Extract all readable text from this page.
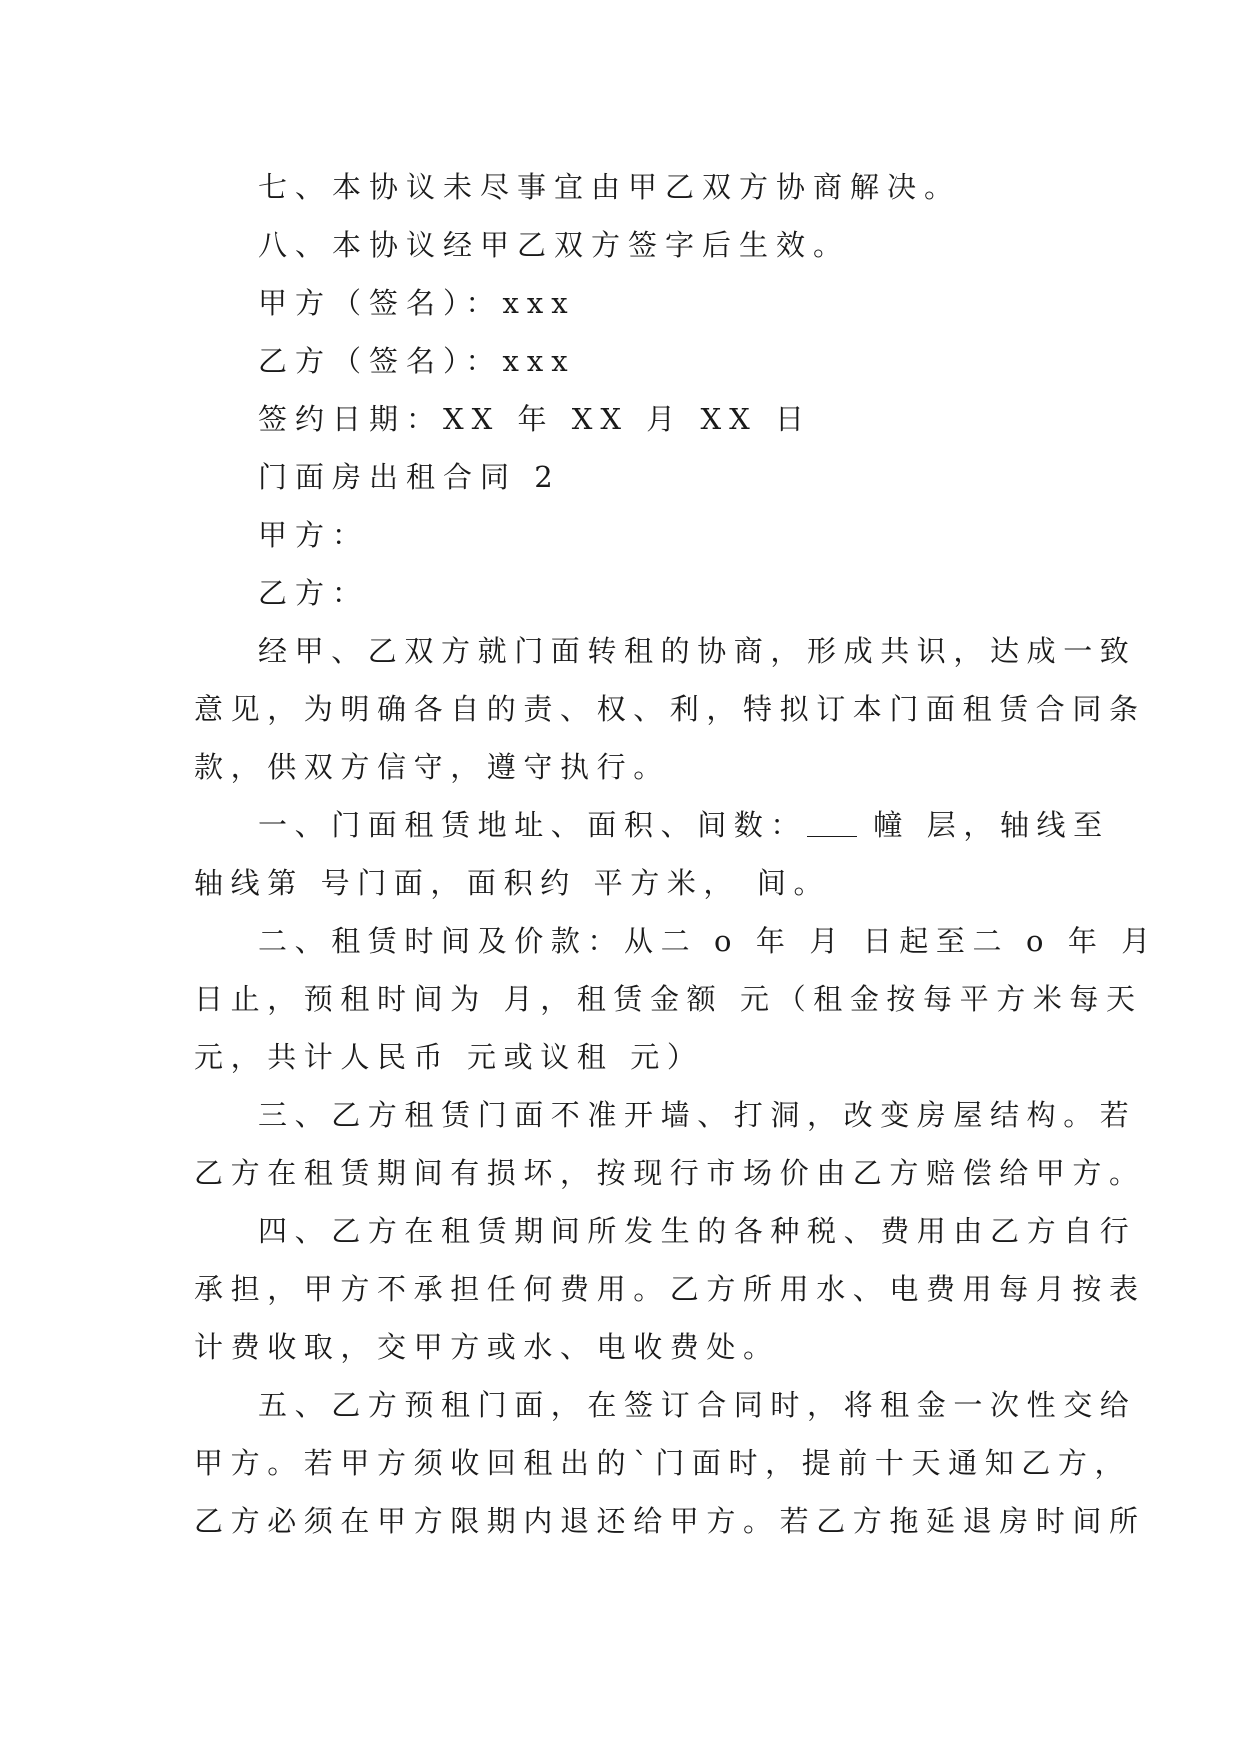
七、本协议未尽事宜由甲乙双方协商解决。
八、本协议经甲乙双方签字后生效。
甲方（签名）：xxx
乙方（签名）：xxx
签约日期：XX 年 XX 月 XX 日
门面房出租合同 2
甲方：
乙方：
经甲、乙双方就门面转租的协商，形成共识，达成一致
意见，为明确各自的责、权、利，特拟订本门面租赁合同条
款，供双方信守，遵守执行。
一、门面租赁地址、面积、间数： 幢 层，轴线至
轴线第 号门面，面积约 平方米， 间。
二、租赁时间及价款：从二 o 年 月 日起至二 o 年 月
日止，预租时间为 月，租赁金额 元（租金按每平方米每天
元，共计人民币 元或议租 元）
三、乙方租赁门面不准开墙、打洞，改变房屋结构。若
乙方在租赁期间有损坏，按现行市场价由乙方赔偿给甲方。
四、乙方在租赁期间所发生的各种税、费用由乙方自行
承担，甲方不承担任何费用。乙方所用水、电费用每月按表
计费收取，交甲方或水、电收费处。
五、乙方预租门面，在签订合同时，将租金一次性交给
甲方。若甲方须收回租出的`门面时，提前十天通知乙方，
乙方必须在甲方限期内退还给甲方。若乙方拖延退房时间所
